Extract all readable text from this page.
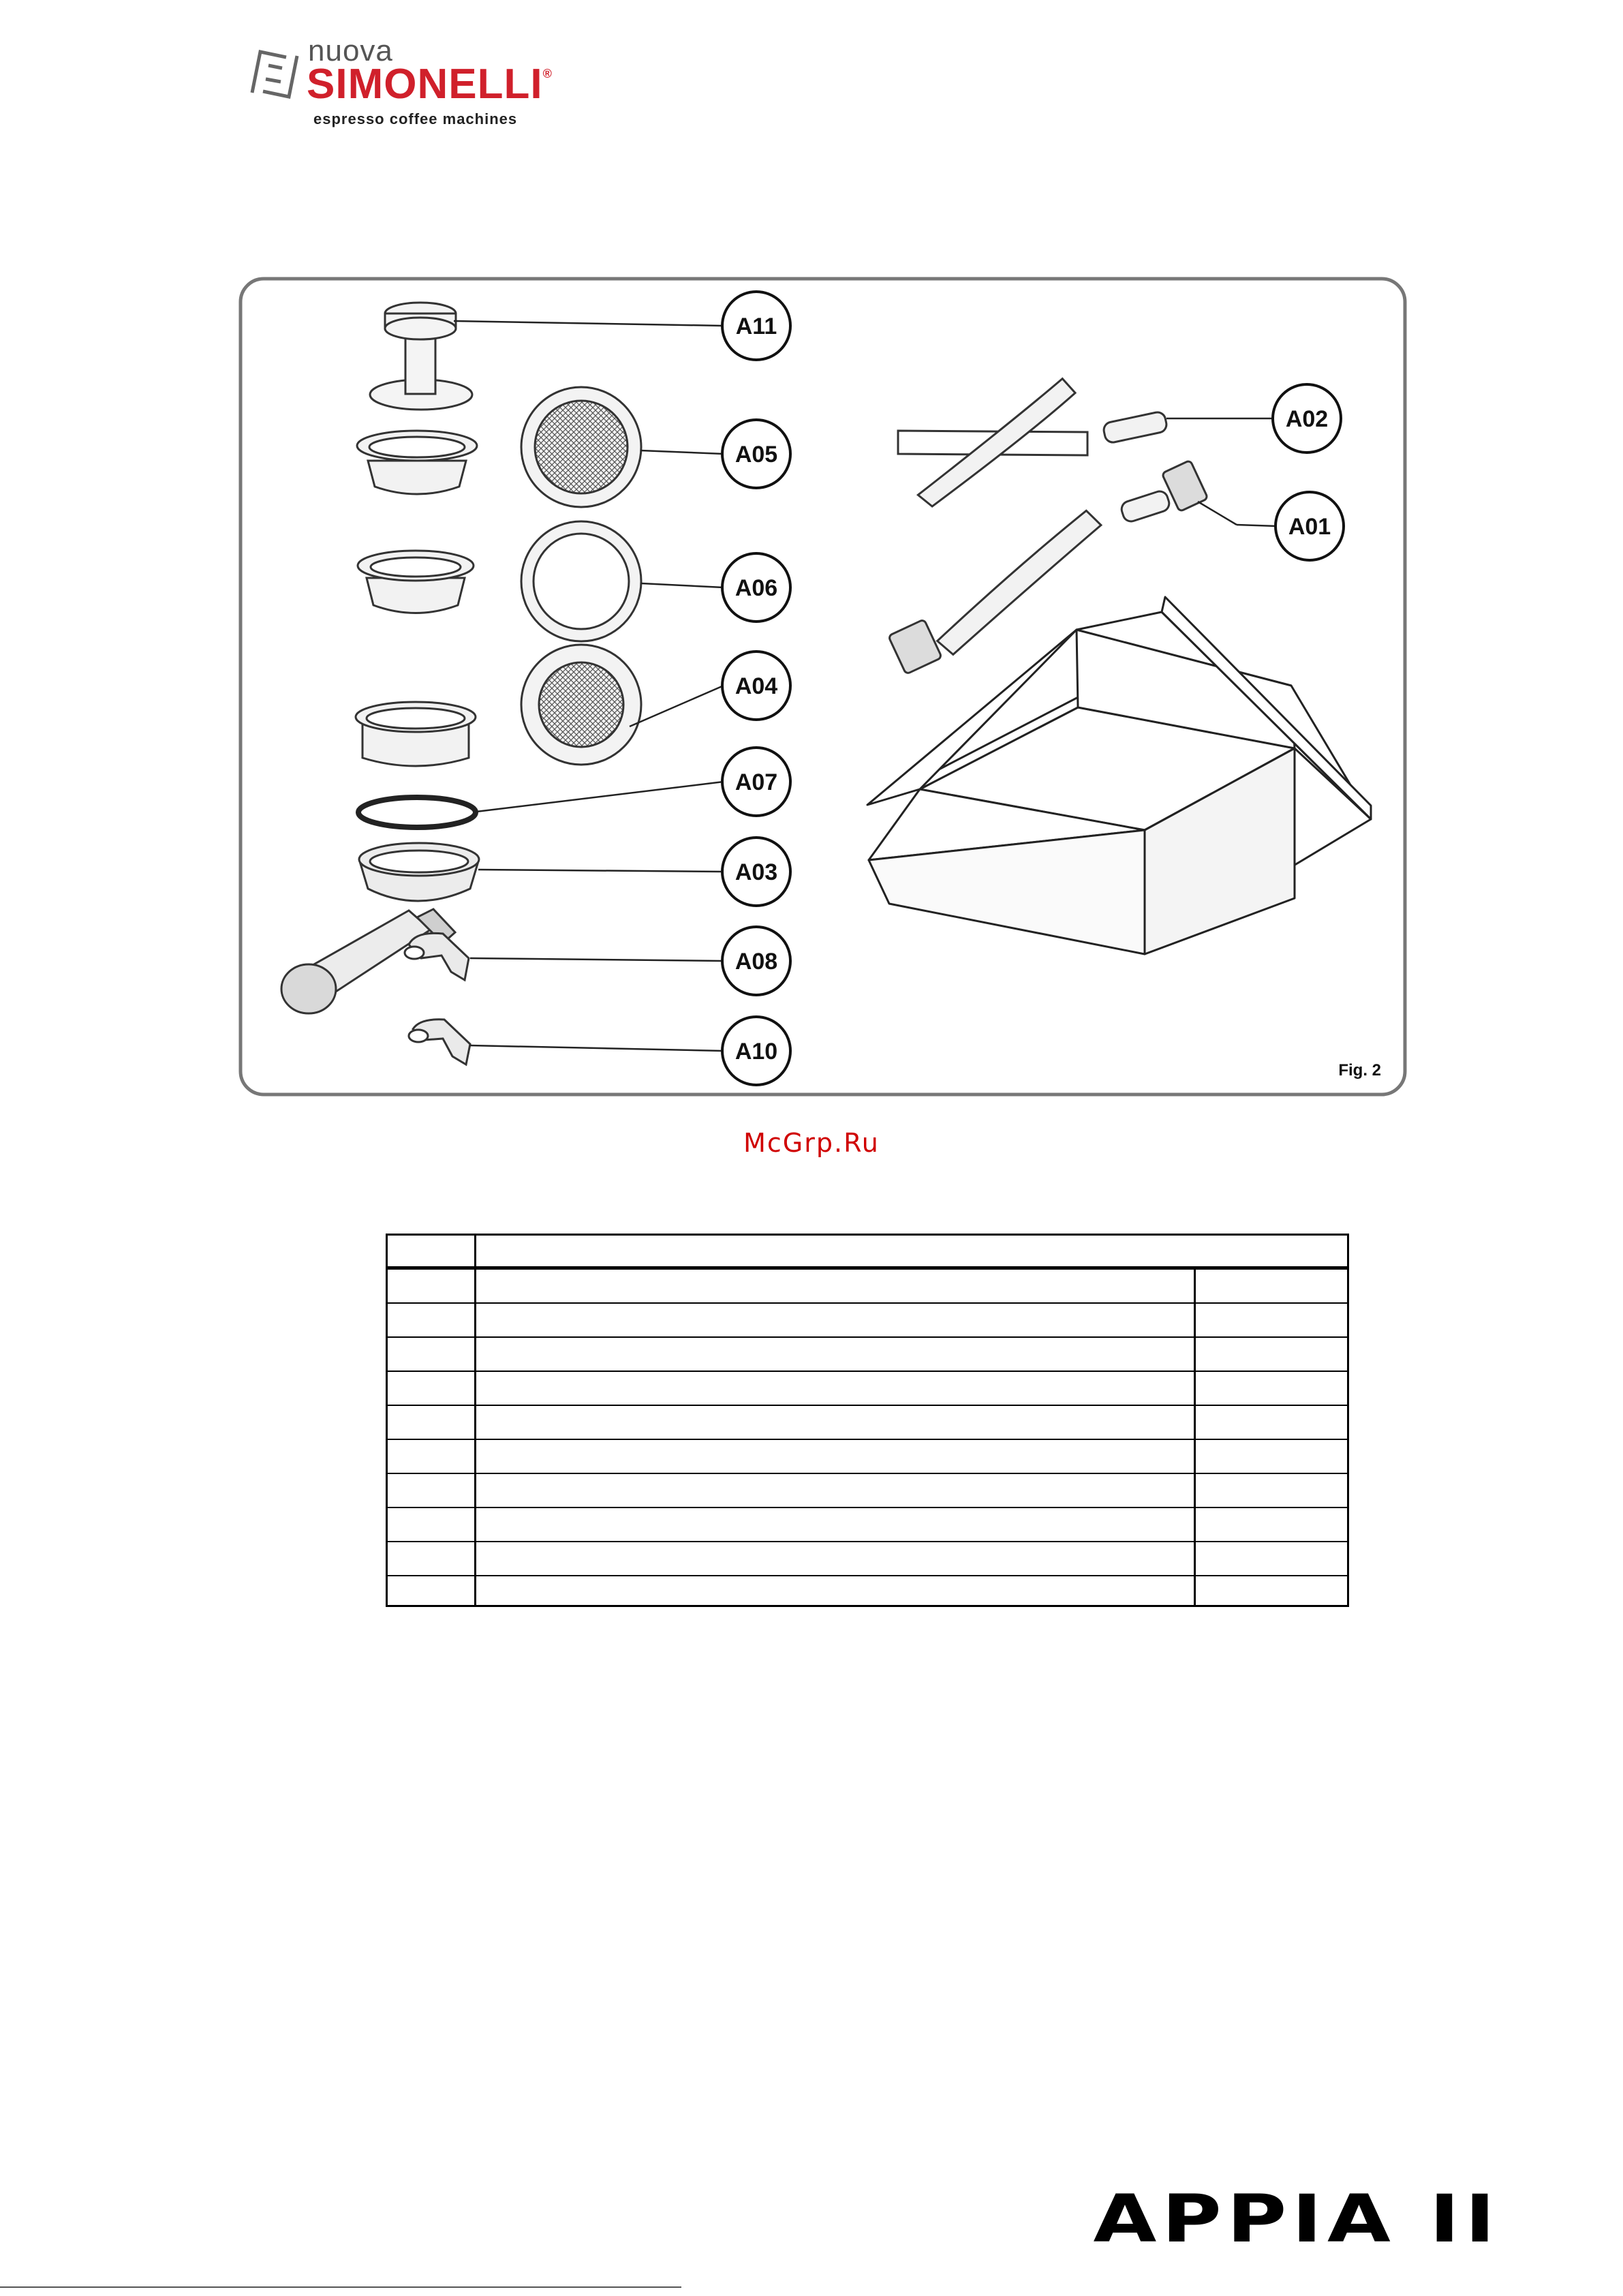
nuova
SIMONELLI®
espresso coffee machines
A11
A05
A06
A04
A07
A03
A08
A10
A02
A01
Fig. 2
McGrp.Ru
APPIA II
